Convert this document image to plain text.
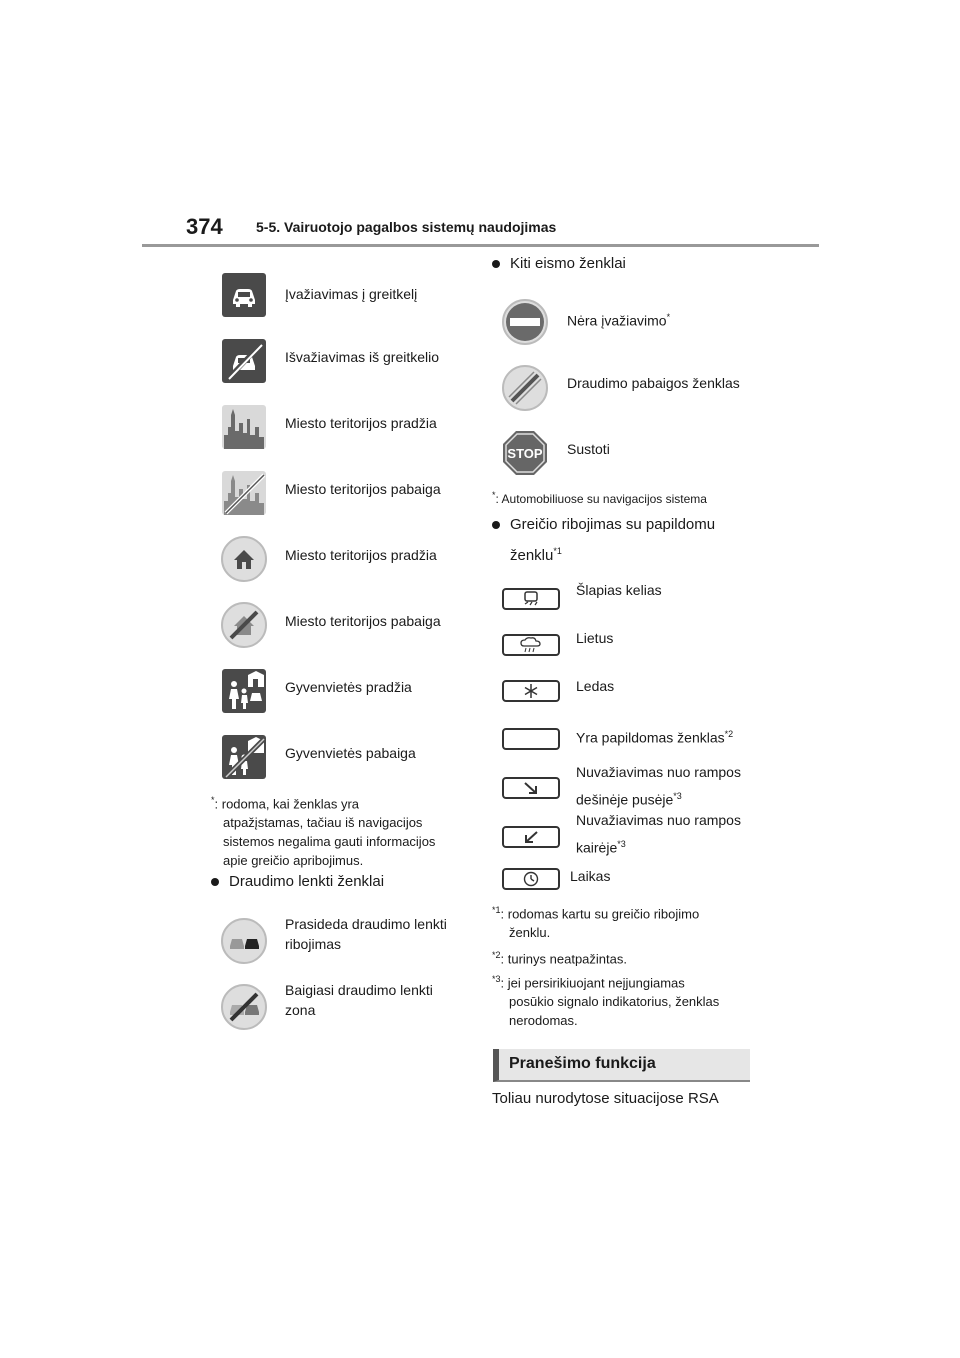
374 5-5. Vairuotojo pagalbos sistemų naudojimas
Įvažiavimas į greitkelį
Išvažiavimas iš greitkelio
Miesto teritorijos pradžia
Miesto teritorijos pabaiga
Miesto teritorijos pradžia
Miesto teritorijos pabaiga
Gyvenvietės pradžia
Gyvenvietės pabaiga
*: rodoma, kai ženklas yra
atpažįstamas, tačiau iš navigacijos
sistemos negalima gauti informacijos
apie greičio apribojimus.
Draudimo lenkti ženklai
Prasideda draudimo lenkti
ribojimas
Baigiasi draudimo lenkti
zona
Kiti eismo ženklai
Nėra įvažiavimo*
Draudimo pabaigos ženklas
STOP Sustoti
*: Automobiliuose su navigacijos sistema
Greičio ribojimas su papildomu
ženklu$^{*1}$
Šlapias kelias
Lietus
Ledas
Yra papildomas ženklas$^{*2}$
Nuvažiavimas nuo rampos
dešinėje pusėje$^{*3}$
Nuvažiavimas nuo rampos
kairėje$^{*3}$
Laikas
$^{*1}$: rodomas kartu su greičio ribojimo
ženklu.
$^{*2}$: turinys neatpažintas.
$^{*3}$: jei persirikiuojant neįjungiamas
posūkio signalo indikatorius, ženklas
nerodomas.
Pranešimo funkcija
Toliau nurodytose situacijose RSA
